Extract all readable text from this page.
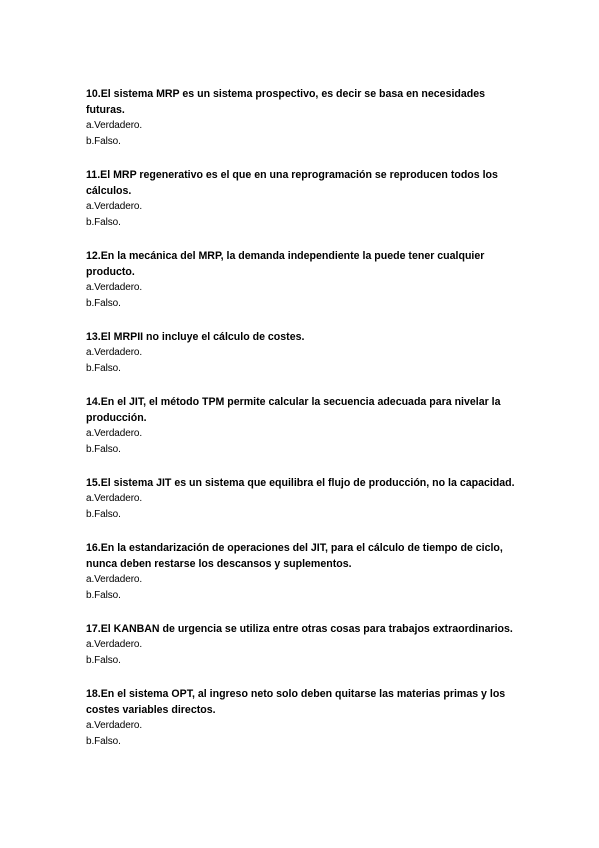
10.El sistema MRP es un sistema prospectivo, es decir se basa en necesidades futuras.

a.Verdadero.

b.Falso.

11.El MRP regenerativo es el que en una reprogramación se reproducen todos los cálculos.

a.Verdadero.

b.Falso.

12.En la mecánica del MRP, la demanda independiente la puede tener cualquier producto.

a.Verdadero.

b.Falso.

13.El MRPII no incluye el cálculo de costes.

a.Verdadero.

b.Falso.

14.En el JIT, el método TPM permite calcular la secuencia adecuada para nivelar la producción.

a.Verdadero.

b.Falso.

15.El sistema JIT es un sistema que equilibra el flujo de producción, no la capacidad.

a.Verdadero.

b.Falso.

16.En la estandarización de operaciones del JIT, para el cálculo de tiempo de ciclo, nunca deben restarse los descansos y suplementos.

a.Verdadero.

b.Falso.

17.El KANBAN de urgencia se utiliza entre otras cosas para trabajos extraordinarios.

a.Verdadero.

b.Falso.

18.En el sistema OPT, al ingreso neto solo deben quitarse las materias primas y los costes variables directos.

a.Verdadero.

b.Falso.
